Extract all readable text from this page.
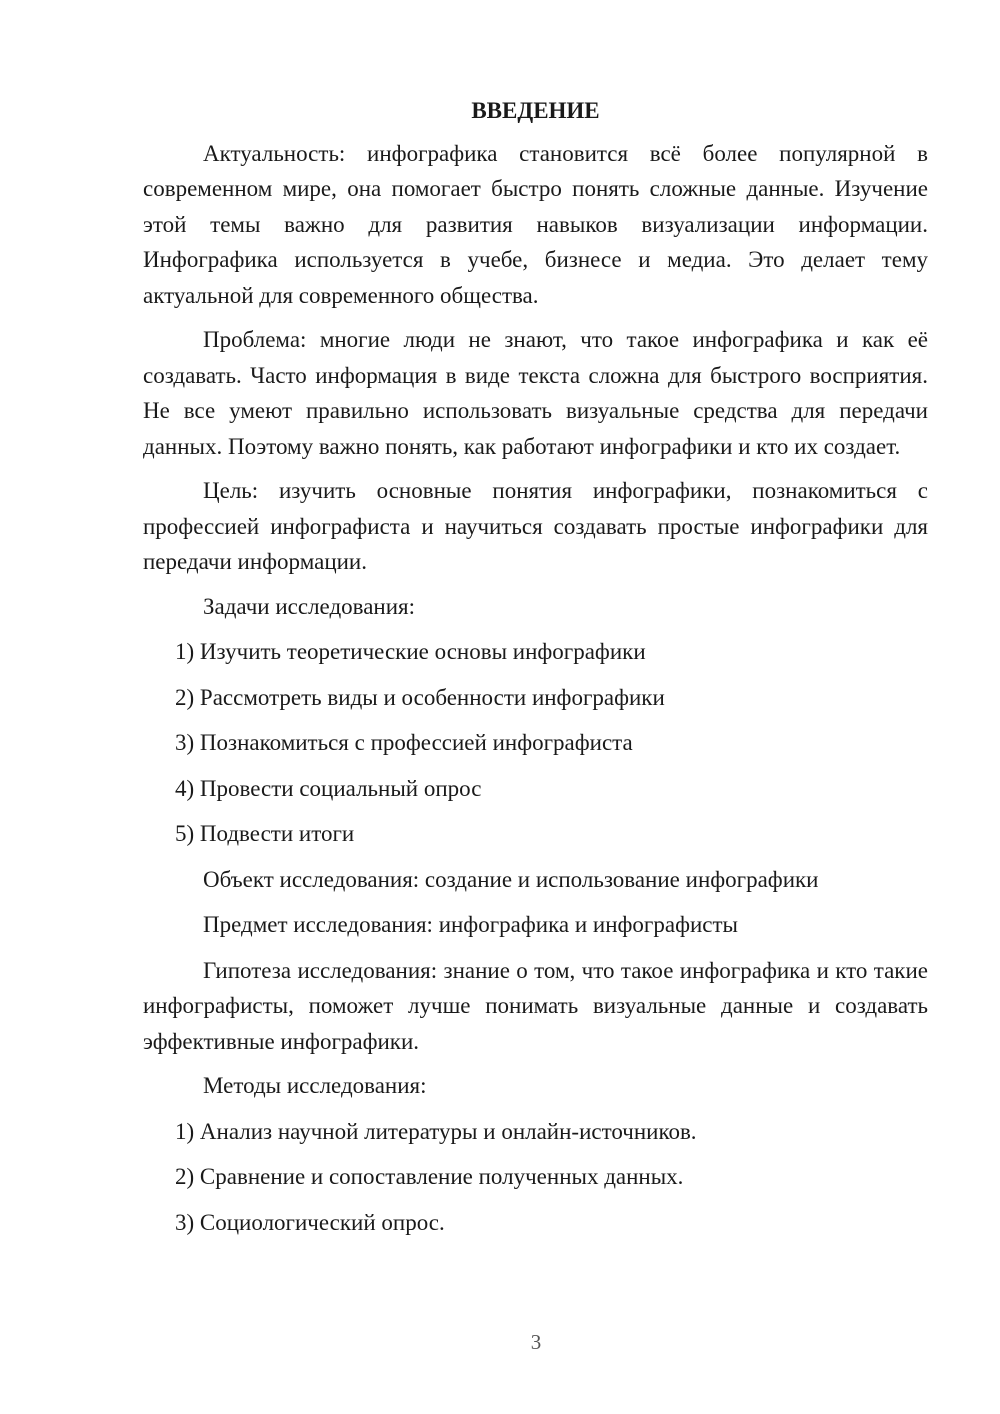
ВВЕДЕНИЕ

Актуальность: инфографика становится всё более популярной в современном мире, она помогает быстро понять сложные данные. Изучение этой темы важно для развития навыков визуализации информации. Инфографика используется в учебе, бизнесе и медиа. Это делает тему актуальной для современного общества.

Проблема: многие люди не знают, что такое инфографика и как её создавать. Часто информация в виде текста сложна для быстрого восприятия. Не все умеют правильно использовать визуальные средства для передачи данных. Поэтому важно понять, как работают инфографики и кто их создает.

Цель: изучить основные понятия инфографики, познакомиться с профессией инфографиста и научиться создавать простые инфографики для передачи информации.

Задачи исследования:
1) Изучить теоретические основы инфографики
2) Рассмотреть виды и особенности инфографики
3) Познакомиться с профессией инфографиста
4) Провести социальный опрос
5) Подвести итоги
Объект исследования: создание и использование инфографики
Предмет исследования: инфографика и инфографисты

Гипотеза исследования: знание о том, что такое инфографика и кто такие инфографисты, поможет лучше понимать визуальные данные и создавать эффективные инфографики.

Методы исследования:
1) Анализ научной литературы и онлайн-источников.
2) Сравнение и сопоставление полученных данных.
3) Социологический опрос.
3
